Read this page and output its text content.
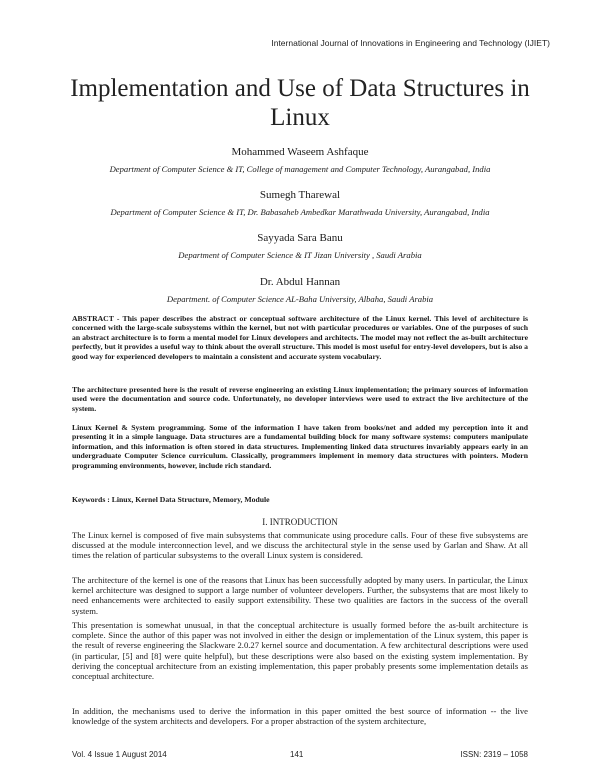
International Journal of Innovations in Engineering and Technology (IJIET)
Implementation and Use of Data Structures in Linux
Mohammed Waseem Ashfaque
Department of Computer Science & IT, College of management and Computer Technology, Aurangabad, India
Sumegh Tharewal
Department of Computer Science & IT, Dr. Babasaheb Ambedkar Marathwada University, Aurangabad, India
Sayyada Sara Banu
Department of Computer Science & IT Jizan University , Saudi Arabia
Dr. Abdul Hannan
Department. of Computer Science AL-Baha University, Albaha, Saudi Arabia

ABSTRACT - This paper describes the abstract or conceptual software architecture of the Linux kernel. This level of architecture is concerned with the large-scale subsystems within the kernel, but not with particular procedures or variables. One of the purposes of such an abstract architecture is to form a mental model for Linux developers and architects. The model may not reflect the as-built architecture perfectly, but it provides a useful way to think about the overall structure. This model is most useful for entry-level developers, but is also a good way for experienced developers to maintain a consistent and accurate system vocabulary.

The architecture presented here is the result of reverse engineering an existing Linux implementation; the primary sources of information used were the documentation and source code. Unfortunately, no developer interviews were used to extract the live architecture of the system.

Linux Kernel & System programming. Some of the information I have taken from books/net and added my perception into it and presenting it in a simple language. Data structures are a fundamental building block for many software systems: computers manipulate information, and this information is often stored in data structures. Implementing linked data structures invariably appears early in an undergraduate Computer Science curriculum. Classically, programmers implement in memory data structures with pointers. Modern programming environments, however, include rich standard.

Keywords : Linux, Kernel Data Structure, Memory, Module
I. INTRODUCTION

The Linux kernel is composed of five main subsystems that communicate using procedure calls. Four of these five subsystems are discussed at the module interconnection level, and we discuss the architectural style in the sense used by Garlan and Shaw. At all times the relation of particular subsystems to the overall Linux system is considered.

The architecture of the kernel is one of the reasons that Linux has been successfully adopted by many users. In particular, the Linux kernel architecture was designed to support a large number of volunteer developers. Further, the subsystems that are most likely to need enhancements were architected to easily support extensibility. These two qualities are factors in the success of the overall system.

This presentation is somewhat unusual, in that the conceptual architecture is usually formed before the as-built architecture is complete. Since the author of this paper was not involved in either the design or implementation of the Linux system, this paper is the result of reverse engineering the Slackware 2.0.27 kernel source and documentation. A few architectural descriptions were used (in particular, [5] and [8] were quite helpful), but these descriptions were also based on the existing system implementation. By deriving the conceptual architecture from an existing implementation, this paper probably presents some implementation details as conceptual architecture.

In addition, the mechanisms used to derive the information in this paper omitted the best source of information -- the live knowledge of the system architects and developers. For a proper abstraction of the system architecture,

Vol. 4 Issue 1 August 2014	141	ISSN: 2319 – 1058
